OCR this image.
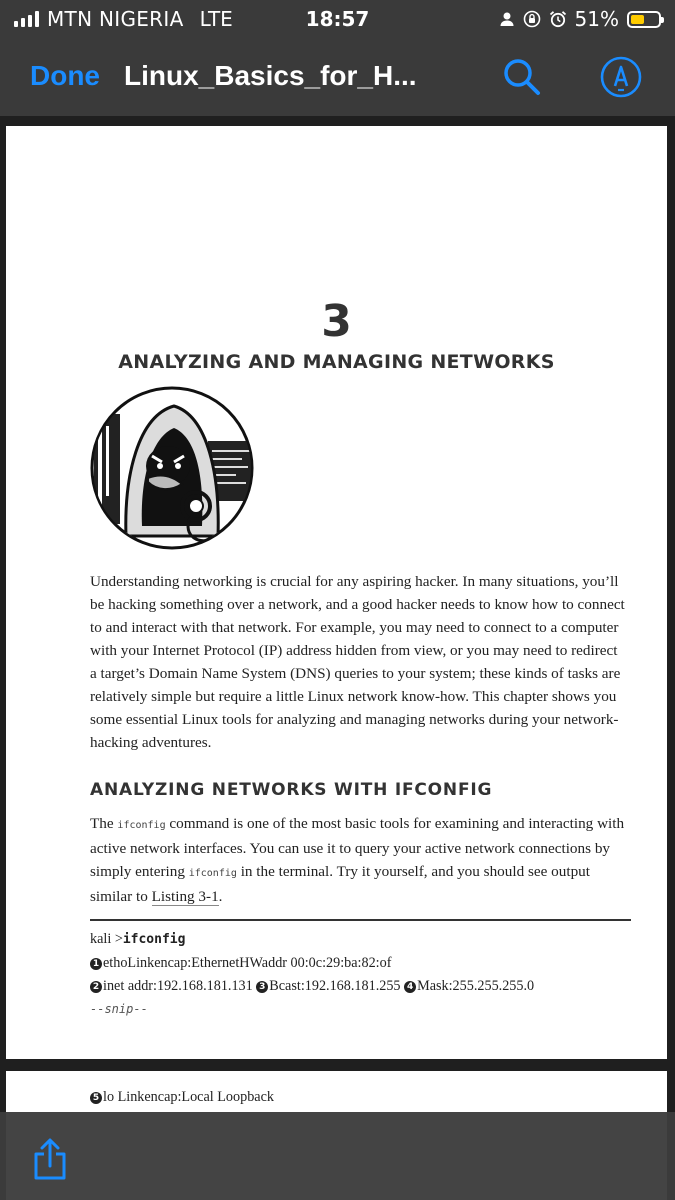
MTN NIGERIA LTE	18:57	51%
Done Linux_Basics_for_H...
3
ANALYZING AND MANAGING NETWORKS
Understanding networking is crucial for any aspiring hacker. In many situations, you’ll
be hacking something over a network, and a good hacker needs to know how to connect
to and interact with that network. For example, you may need to connect to a computer
with your Internet Protocol (IP) address hidden from view, or you may need to redirect
a target’s Domain Name System (DNS) queries to your system; these kinds of tasks are
relatively simple but require a little Linux network know-how. This chapter shows you
some essential Linux tools for analyzing and managing networks during your network-
hacking adventures.
ANALYZING NETWORKS WITH IFCONFIG
The ifconfig command is one of the most basic tools for examining and interacting with
active network interfaces. You can use it to query your active network connections by
simply entering ifconfig in the terminal. Try it yourself, and you should see output
similar to Listing 3-1.
kali >ifconfig
1 ethoLinkencap:EthernetHWaddr 00:0c:29:ba:82:of
2 inet addr:192.168.181.131 3 Bcast:192.168.181.255 4 Mask:255.255.255.0
--snip--
5 lo Linkencap:Local Loopback
